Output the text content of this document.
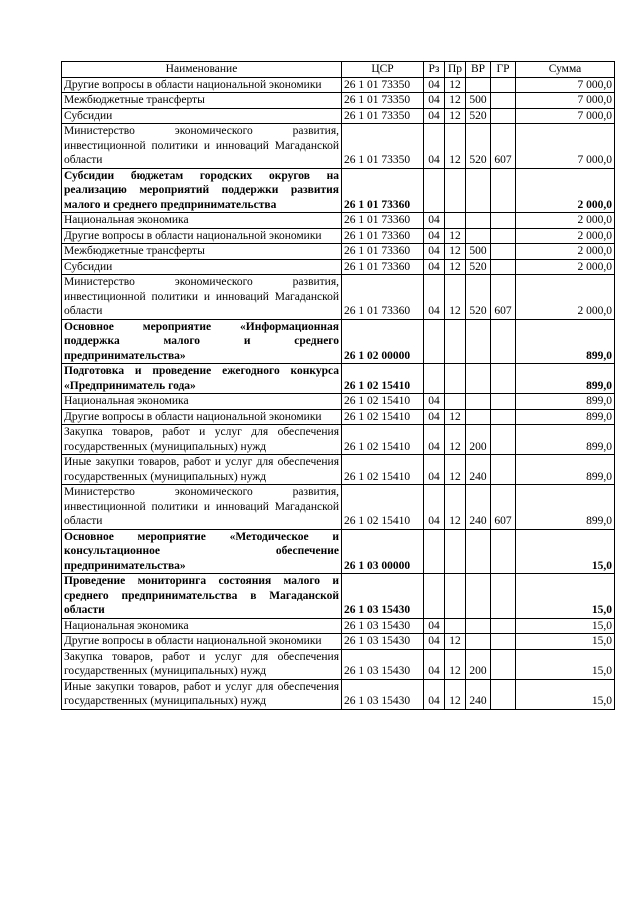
Наименование	ЦСР	Рз	Пр	ВР	ГР	Сумма
Другие вопросы в области национальной экономики	26 1 01 73350	04	12			7 000,0
Межбюджетные трансферты	26 1 01 73350	04	12	500		7 000,0
Субсидии	26 1 01 73350	04	12	520		7 000,0
Министерство экономического развития, инвестиционной политики и инноваций Магаданской области	26 1 01 73350	04	12	520	607	7 000,0
Субсидии бюджетам городских округов на реализацию мероприятий поддержки развития малого и среднего предпринимательства	26 1 01 73360					2 000,0
Национальная экономика	26 1 01 73360	04				2 000,0
Другие вопросы в области национальной экономики	26 1 01 73360	04	12			2 000,0
Межбюджетные трансферты	26 1 01 73360	04	12	500		2 000,0
Субсидии	26 1 01 73360	04	12	520		2 000,0
Министерство экономического развития, инвестиционной политики и инноваций Магаданской области	26 1 01 73360	04	12	520	607	2 000,0
Основное мероприятие «Информационная поддержка малого и среднего предпринимательства»	26 1 02 00000					899,0
Подготовка и проведение ежегодного конкурса «Предприниматель года»	26 1 02 15410					899,0
Национальная экономика	26 1 02 15410	04				899,0
Другие вопросы в области национальной экономики	26 1 02 15410	04	12			899,0
Закупка товаров, работ и услуг для обеспечения государственных (муниципальных) нужд	26 1 02 15410	04	12	200		899,0
Иные закупки товаров, работ и услуг для обеспечения государственных (муниципальных) нужд	26 1 02 15410	04	12	240		899,0
Министерство экономического развития, инвестиционной политики и инноваций Магаданской области	26 1 02 15410	04	12	240	607	899,0
Основное мероприятие «Методическое и консультационное обеспечение предпринимательства»	26 1 03 00000					15,0
Проведение мониторинга состояния малого и среднего предпринимательства в Магаданской области	26 1 03 15430					15,0
Национальная экономика	26 1 03 15430	04				15,0
Другие вопросы в области национальной экономики	26 1 03 15430	04	12			15,0
Закупка товаров, работ и услуг для обеспечения государственных (муниципальных) нужд	26 1 03 15430	04	12	200		15,0
Иные закупки товаров, работ и услуг для обеспечения государственных (муниципальных) нужд	26 1 03 15430	04	12	240		15,0
